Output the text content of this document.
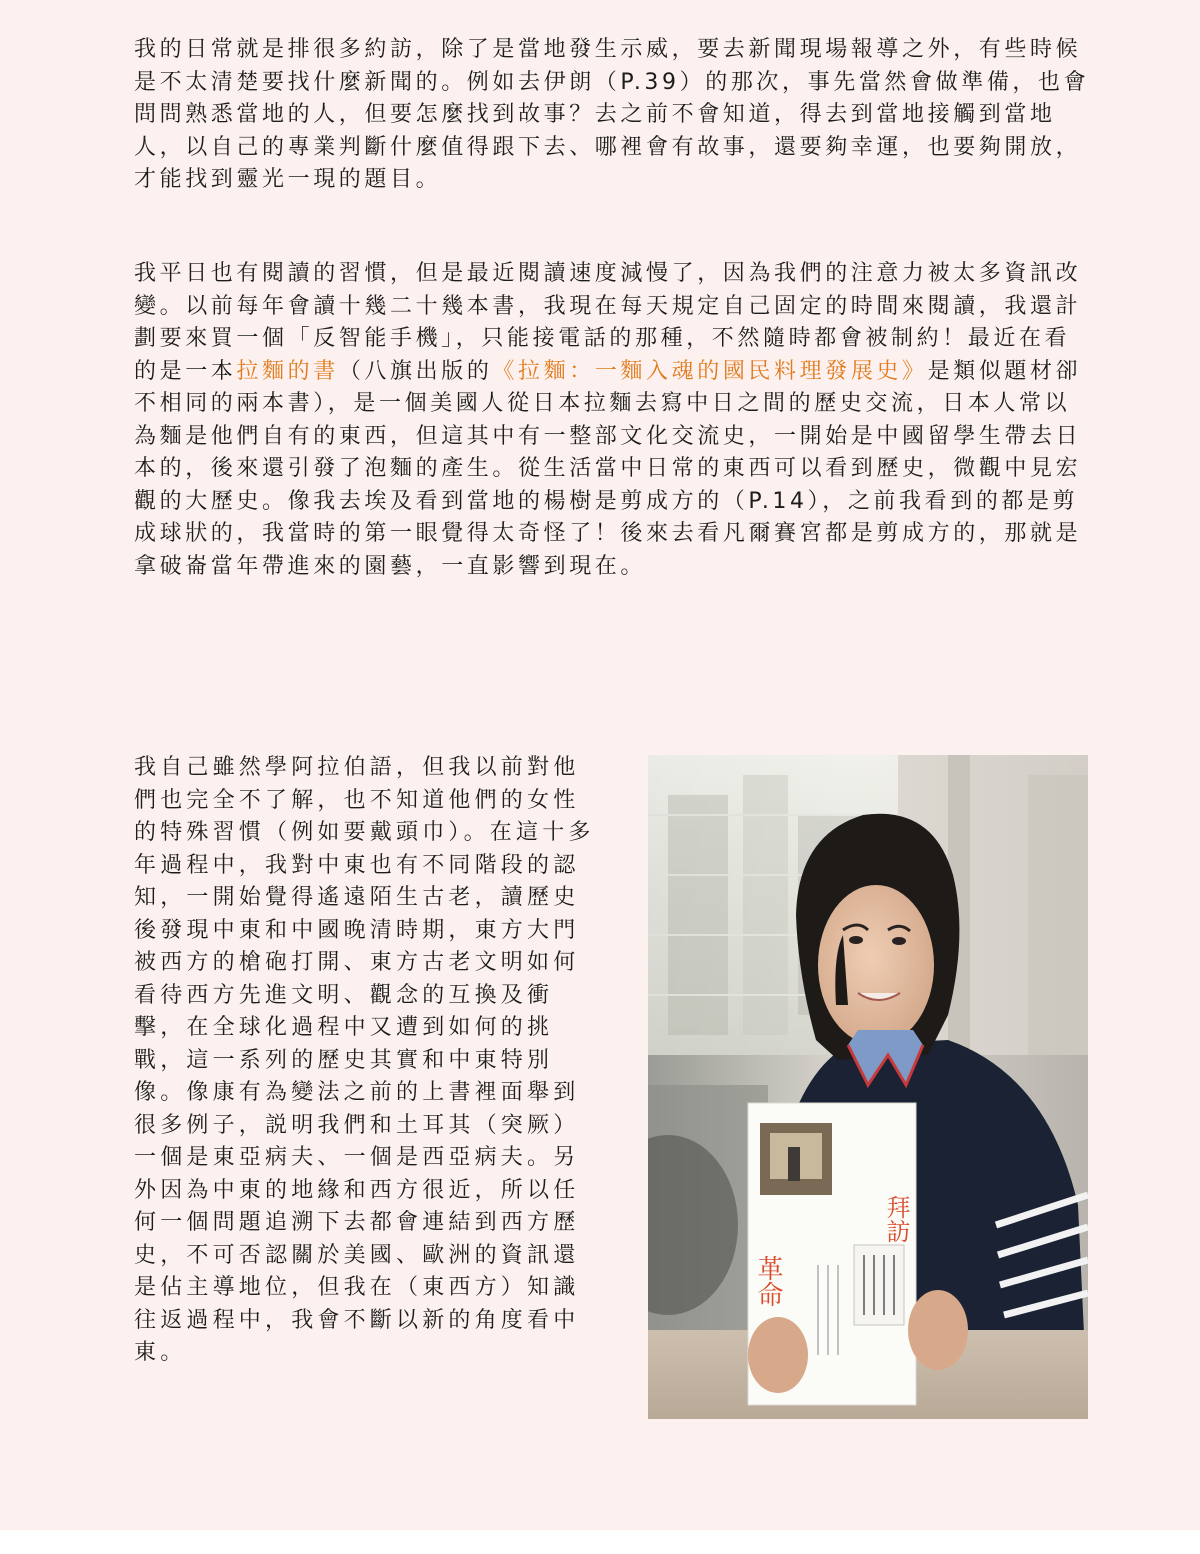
我的日常就是排很多約訪，除了是當地發生示威，要去新聞現場報導之外，有些時候是不太清楚要找什麼新聞的。例如去伊朗（P.39）的那次，事先當然會做準備，也會問問熟悉當地的人，但要怎麼找到故事？去之前不會知道，得去到當地接觸到當地人，以自己的專業判斷什麼值得跟下去、哪裡會有故事，還要夠幸運，也要夠開放，才能找到靈光一現的題目。

我平日也有閱讀的習慣，但是最近閱讀速度減慢了，因為我們的注意力被太多資訊改變。以前每年會讀十幾二十幾本書，我現在每天規定自己固定的時間來閱讀，我還計劃要來買一個「反智能手機」，只能接電話的那種，不然隨時都會被制約！最近在看的是一本拉麵的書（八旗出版的《拉麵：一麵入魂的國民料理發展史》是類似題材卻不相同的兩本書），是一個美國人從日本拉麵去寫中日之間的歷史交流，日本人常以為麵是他們自有的東西，但這其中有一整部文化交流史，一開始是中國留學生帶去日本的，後來還引發了泡麵的產生。從生活當中日常的東西可以看到歷史，微觀中見宏觀的大歷史。像我去埃及看到當地的楊樹是剪成方的（P.14），之前我看到的都是剪成球狀的，我當時的第一眼覺得太奇怪了！後來去看凡爾賽宮都是剪成方的，那就是拿破崙當年帶進來的園藝，一直影響到現在。

我自己雖然學阿拉伯語，但我以前對他們也完全不了解，也不知道他們的女性的特殊習慣（例如要戴頭巾）。在這十多年過程中，我對中東也有不同階段的認知，一開始覺得遙遠陌生古老，讀歷史後發現中東和中國晚清時期，東方大門被西方的槍砲打開、東方古老文明如何看待西方先進文明、觀念的互換及衝擊，在全球化過程中又遭到如何的挑戰，這一系列的歷史其實和中東特別像。像康有為變法之前的上書裡面舉到很多例子，説明我們和土耳其（突厥）一個是東亞病夫、一個是西亞病夫。另外因為中東的地緣和西方很近，所以任何一個問題追溯下去都會連結到西方歷史，不可否認關於美國、歐洲的資訊還是佔主導地位，但我在（東西方）知識往返過程中，我會不斷以新的角度看中東。

革命
拜訪
